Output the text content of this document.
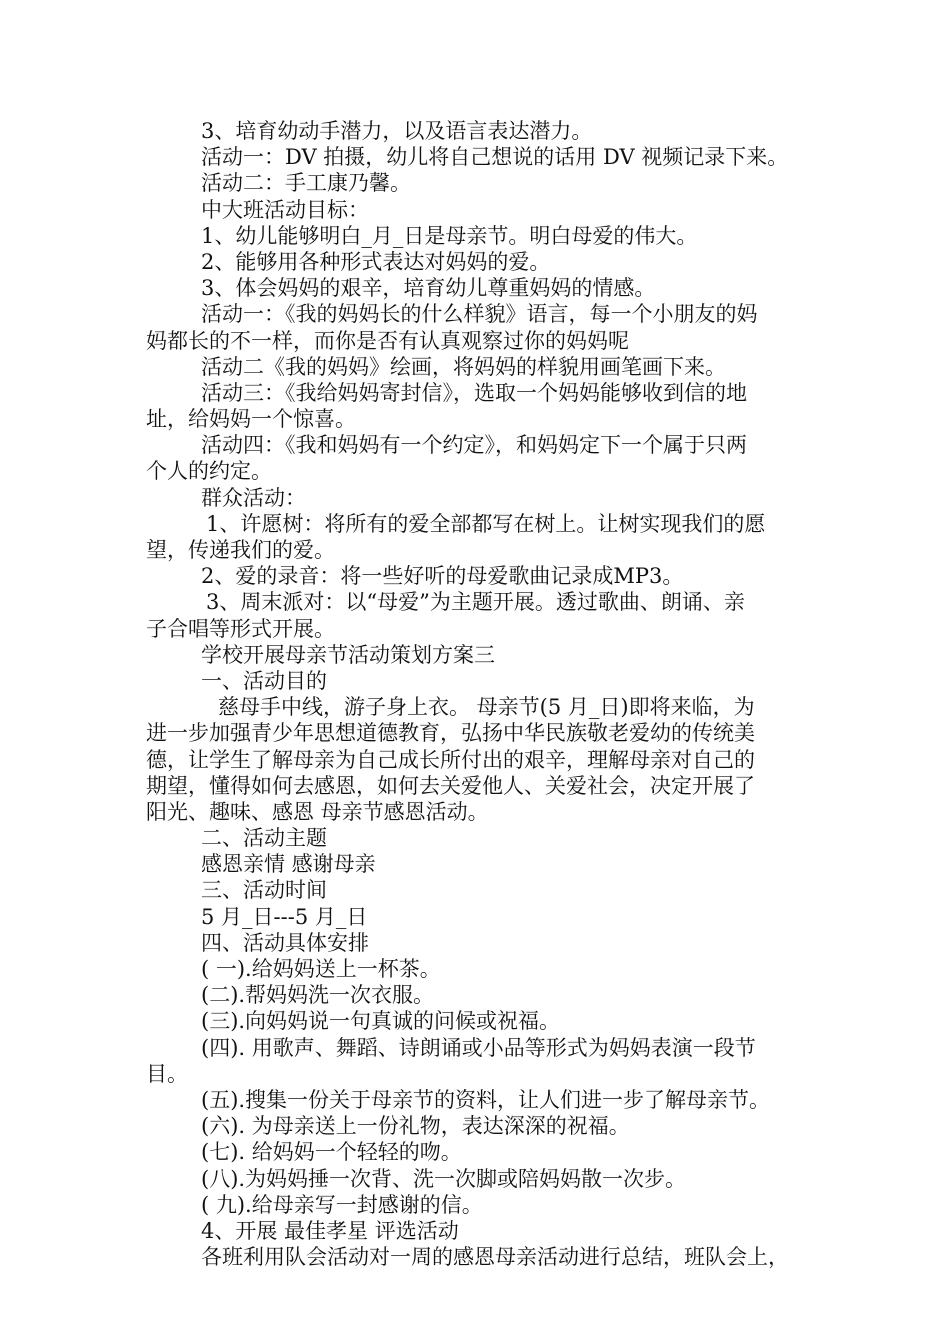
3、培育幼动手潜力，以及语言表达潜力。
活动一：DV 拍摄，幼儿将自己想说的话用 DV 视频记录下来。
活动二：手工康乃馨。
中大班活动目标：
1、幼儿能够明白_月_日是母亲节。明白母爱的伟大。
2、能够用各种形式表达对妈妈的爱。
3、体会妈妈的艰辛，培育幼儿尊重妈妈的情感。
活动一：《我的妈妈长的什么样貌》语言，每一个小朋友的妈
妈都长的不一样，而你是否有认真观察过你的妈妈呢
活动二《我的妈妈》绘画，将妈妈的样貌用画笔画下来。
活动三：《我给妈妈寄封信》，选取一个妈妈能够收到信的地
址，给妈妈一个惊喜。
活动四：《我和妈妈有一个约定》，和妈妈定下一个属于只两
个人的约定。
群众活动：
1、许愿树：将所有的爱全部都写在树上。让树实现我们的愿
望，传递我们的爱。
2、爱的录音：将一些好听的母爱歌曲记录成MP3。
3、周末派对：以“母爱”为主题开展。透过歌曲、朗诵、亲
子合唱等形式开展。
学校开展母亲节活动策划方案三
一、活动目的
慈母手中线，游子身上衣。 母亲节(5 月_日)即将来临，为
进一步加强青少年思想道德教育，弘扬中华民族敬老爱幼的传统美
德，让学生了解母亲为自己成长所付出的艰辛，理解母亲对自己的
期望，懂得如何去感恩，如何去关爱他人、关爱社会，决定开展了
阳光、趣味、感恩 母亲节感恩活动。
二、活动主题
感恩亲情 感谢母亲
三、活动时间
5 月_日---5 月_日
四、活动具体安排
( 一).给妈妈送上一杯茶。
(二).帮妈妈洗一次衣服。
(三).向妈妈说一句真诚的问候或祝福。
(四). 用歌声、舞蹈、诗朗诵或小品等形式为妈妈表演一段节
目。
(五).搜集一份关于母亲节的资料，让人们进一步了解母亲节。
(六). 为母亲送上一份礼物，表达深深的祝福。
(七). 给妈妈一个轻轻的吻。
(八).为妈妈捶一次背、洗一次脚或陪妈妈散一次步。
( 九).给母亲写一封感谢的信。
4、开展 最佳孝星 评选活动
各班利用队会活动对一周的感恩母亲活动进行总结，班队会上，
